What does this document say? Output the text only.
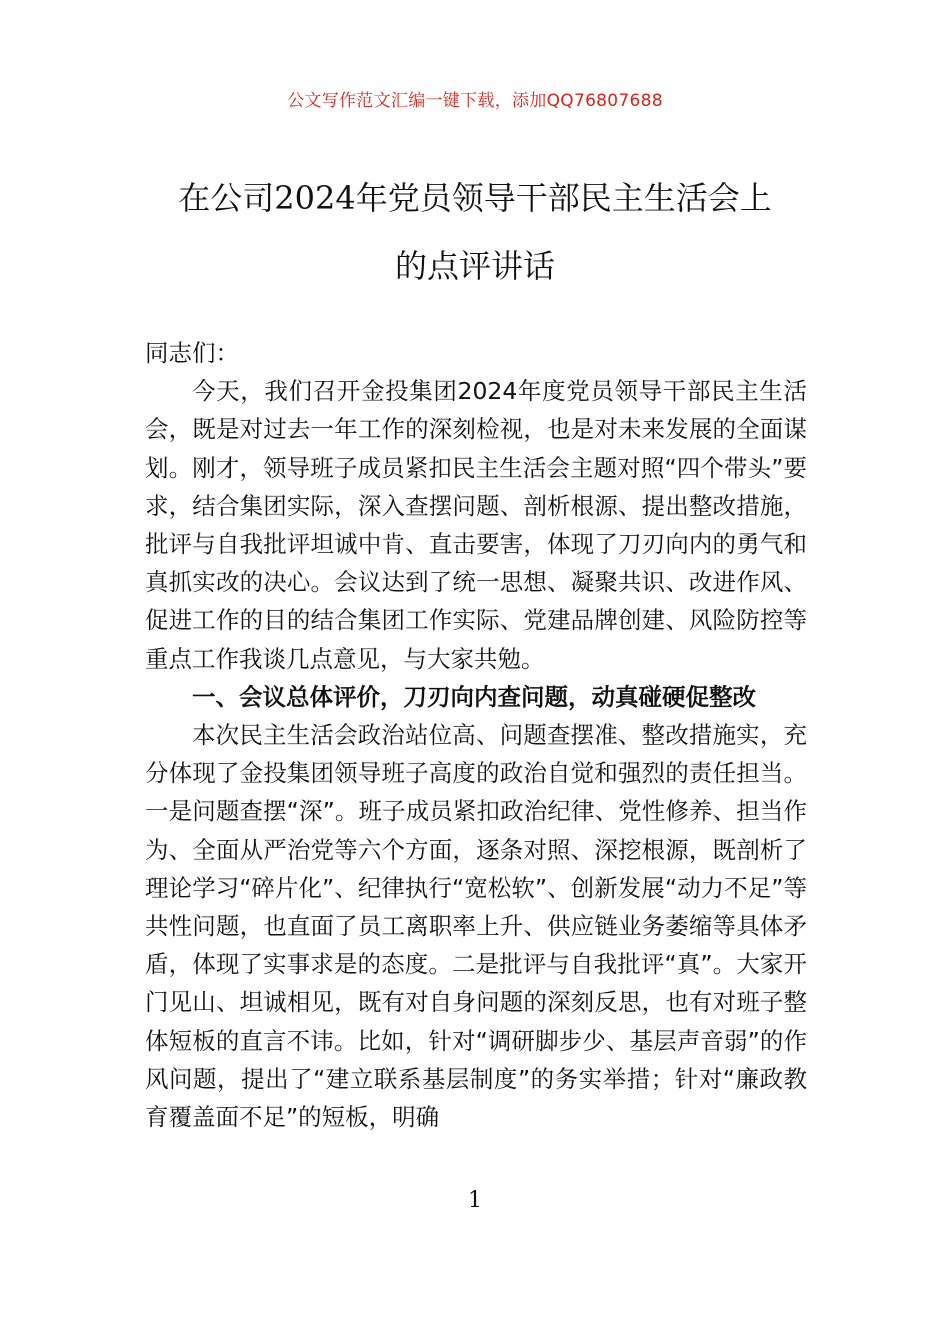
公文写作范文汇编一键下载，添加QQ76807688
在公司2024年党员领导干部民主生活会上
的点评讲话

同志们：

今天，我们召开金投集团2024年度党员领导干部民主生活会，既是对过去一年工作的深刻检视，也是对未来发展的全面谋划。刚才，领导班子成员紧扣民主生活会主题对照“四个带头”要求，结合集团实际，深入查摆问题、剖析根源、提出整改措施，批评与自我批评坦诚中肯、直击要害，体现了刀刃向内的勇气和真抓实改的决心。会议达到了统一思想、凝聚共识、改进作风、促进工作的目的结合集团工作实际、党建品牌创建、风险防控等重点工作我谈几点意见，与大家共勉。

一、会议总体评价，刀刃向内查问题，动真碰硬促整改

本次民主生活会政治站位高、问题查摆准、整改措施实，充分体现了金投集团领导班子高度的政治自觉和强烈的责任担当。一是问题查摆“深”。班子成员紧扣政治纪律、党性修养、担当作为、全面从严治党等六个方面，逐条对照、深挖根源，既剖析了理论学习“碎片化”、纪律执行“宽松软”、创新发展“动力不足”等共性问题，也直面了员工离职率上升、供应链业务萎缩等具体矛盾，体现了实事求是的态度。二是批评与自我批评“真”。大家开门见山、坦诚相见，既有对自身问题的深刻反思，也有对班子整体短板的直言不讳。比如，针对“调研脚步少、基层声音弱”的作风问题，提出了“建立联系基层制度”的务实举措；针对“廉政教育覆盖面不足”的短板，明确

1
